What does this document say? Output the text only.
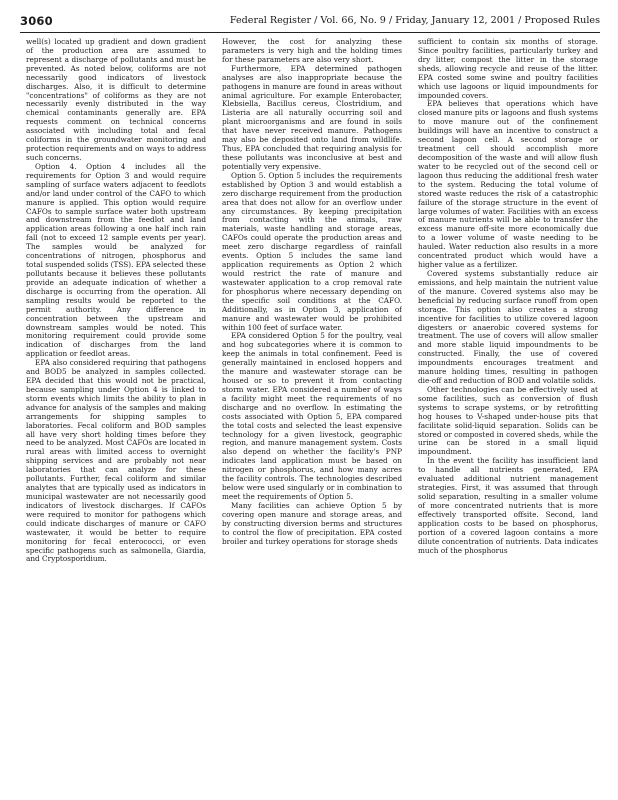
3060	Federal Register / Vol. 66, No. 9 / Friday, January 12, 2001 / Proposed Rules

well(s) located up gradient and down gradient of the production area are assumed to represent a discharge of pollutants and must be prevented. As noted below, coliforms are not necessarily good indicators of livestock discharges. Also, it is difficult to determine "concentrations" of coliforms as they are not necessarily evenly distributed in the way chemical contaminants generally are. EPA requests comment on technical concerns associated with including total and fecal coliforms in the groundwater monitoring and protection requirements and on ways to address such concerns.

Option 4. Option 4 includes all the requirements for Option 3 and would require sampling of surface waters adjacent to feedlots and/or land under control of the CAFO to which manure is applied. This option would require CAFOs to sample surface water both upstream and downstream from the feedlot and land application areas following a one half inch rain fall (not to exceed 12 sample events per year). The samples would be analyzed for concentrations of nitrogen, phosphorus and total suspended solids (TSS). EPA selected these pollutants because it believes these pollutants provide an adequate indication of whether a discharge is occurring from the operation. All sampling results would be reported to the permit authority. Any difference in concentration between the upstream and downstream samples would be noted. This monitoring requirement could provide some indication of discharges from the land application or feedlot areas.

EPA also considered requiring that pathogens and BOD5 be analyzed in samples collected. EPA decided that this would not be practical, because sampling under Option 4 is linked to storm events which limits the ability to plan in advance for analysis of the samples and making arrangements for shipping samples to laboratories. Fecal coliform and BOD samples all have very short holding times before they need to be analyzed. Most CAFOs are located in rural areas with limited access to overnight shipping services and are probably not near laboratories that can analyze for these pollutants. Further, fecal coliform and similar analytes that are typically used as indicators in municipal wastewater are not necessarily good indicators of livestock discharges. If CAFOs were required to monitor for pathogens which could indicate discharges of manure or CAFO wastewater, it would be better to require monitoring for fecal enterococci, or even specific pathogens such as salmonella, Giardia, and Cryptosporidium.

However, the cost for analyzing these parameters is very high and the holding times for these parameters are also very short.

Furthermore, EPA determined pathogen analyses are also inappropriate because the pathogens in manure are found in areas without animal agriculture. For example Enterobacter, Klebsiella, Bacillus cereus, Clostridium, and Listeria are all naturally occurring soil and plant microorganisms and are found in soils that have never received manure. Pathogens may also be deposited onto land from wildlife. Thus, EPA concluded that requiring analysis for these pollutants was inconclusive at best and potentially very expensive.

Option 5. Option 5 includes the requirements established by Option 3 and would establish a zero discharge requirement from the production area that does not allow for an overflow under any circumstances. By keeping precipitation from contacting with the animals, raw materials, waste handling and storage areas, CAFOs could operate the production areas and meet zero discharge regardless of rainfall events. Option 5 includes the same land application requirements as Option 2 which would restrict the rate of manure and wastewater application to a crop removal rate for phosphorus where necessary depending on the specific soil conditions at the CAFO. Additionally, as in Option 3, application of manure and wastewater would be prohibited within 100 feet of surface water.

EPA considered Option 5 for the poultry, veal and hog subcategories where it is common to keep the animals in total confinement. Feed is generally maintained in enclosed hoppers and the manure and wastewater storage can be housed or so to prevent it from contacting storm water. EPA considered a number of ways a facility might meet the requirements of no discharge and no overflow. In estimating the costs associated with Option 5, EPA compared the total costs and selected the least expensive technology for a given livestock, geographic region, and manure management system. Costs also depend on whether the facility's PNP indicates land application must be based on nitrogen or phosphorus, and how many acres the facility controls. The technologies described below were used singularly or in combination to meet the requirements of Option 5.

Many facilities can achieve Option 5 by covering open manure and storage areas, and by constructing diversion berms and structures to control the flow of precipitation. EPA costed broiler and turkey operations for storage sheds

sufficient to contain six months of storage. Since poultry facilities, particularly turkey and dry litter, compost the litter in the storage sheds, allowing recycle and reuse of the litter. EPA costed some swine and poultry facilities which use lagoons or liquid impoundments for impounded covers.

EPA believes that operations which have closed manure pits or lagoons and flush systems to move manure out of the confinement buildings will have an incentive to construct a second lagoon cell. A second storage or treatment cell should accomplish more decomposition of the waste and will allow flush water to be recycled out of the second cell or lagoon thus reducing the additional fresh water to the system. Reducing the total volume of stored waste reduces the risk of a catastrophic failure of the storage structure in the event of large volumes of water. Facilities with an excess of manure nutrients will be able to transfer the excess manure off-site more economically due to a lower volume of waste needing to be hauled. Water reduction also results in a more concentrated product which would have a higher value as a fertilizer.

Covered systems substantially reduce air emissions, and help maintain the nutrient value of the manure. Covered systems also may be beneficial by reducing surface runoff from open storage. This option also creates a strong incentive for facilities to utilize covered lagoon digesters or anaerobic covered systems for treatment. The use of covers will allow smaller and more stable liquid impoundments to be constructed. Finally, the use of covered impoundments encourages treatment and manure holding times, resulting in pathogen die-off and reduction of BOD and volatile solids.

Other technologies can be effectively used at some facilities, such as conversion of flush systems to scrape systems, or by retrofitting hog houses to V-shaped under-house pits that facilitate solid-liquid separation. Solids can be stored or composted in covered sheds, while the urine can be stored in a small liquid impoundment.

In the event the facility has insufficient land to handle all nutrients generated, EPA evaluated additional nutrient management strategies. First, it was assumed that through solid separation, resulting in a smaller volume of more concentrated nutrients that is more effectively transported offsite. Second, land application costs to be based on phosphorus, portion of a covered lagoon contains a more dilute concentration of nutrients. Data indicates much of the phosphorus
